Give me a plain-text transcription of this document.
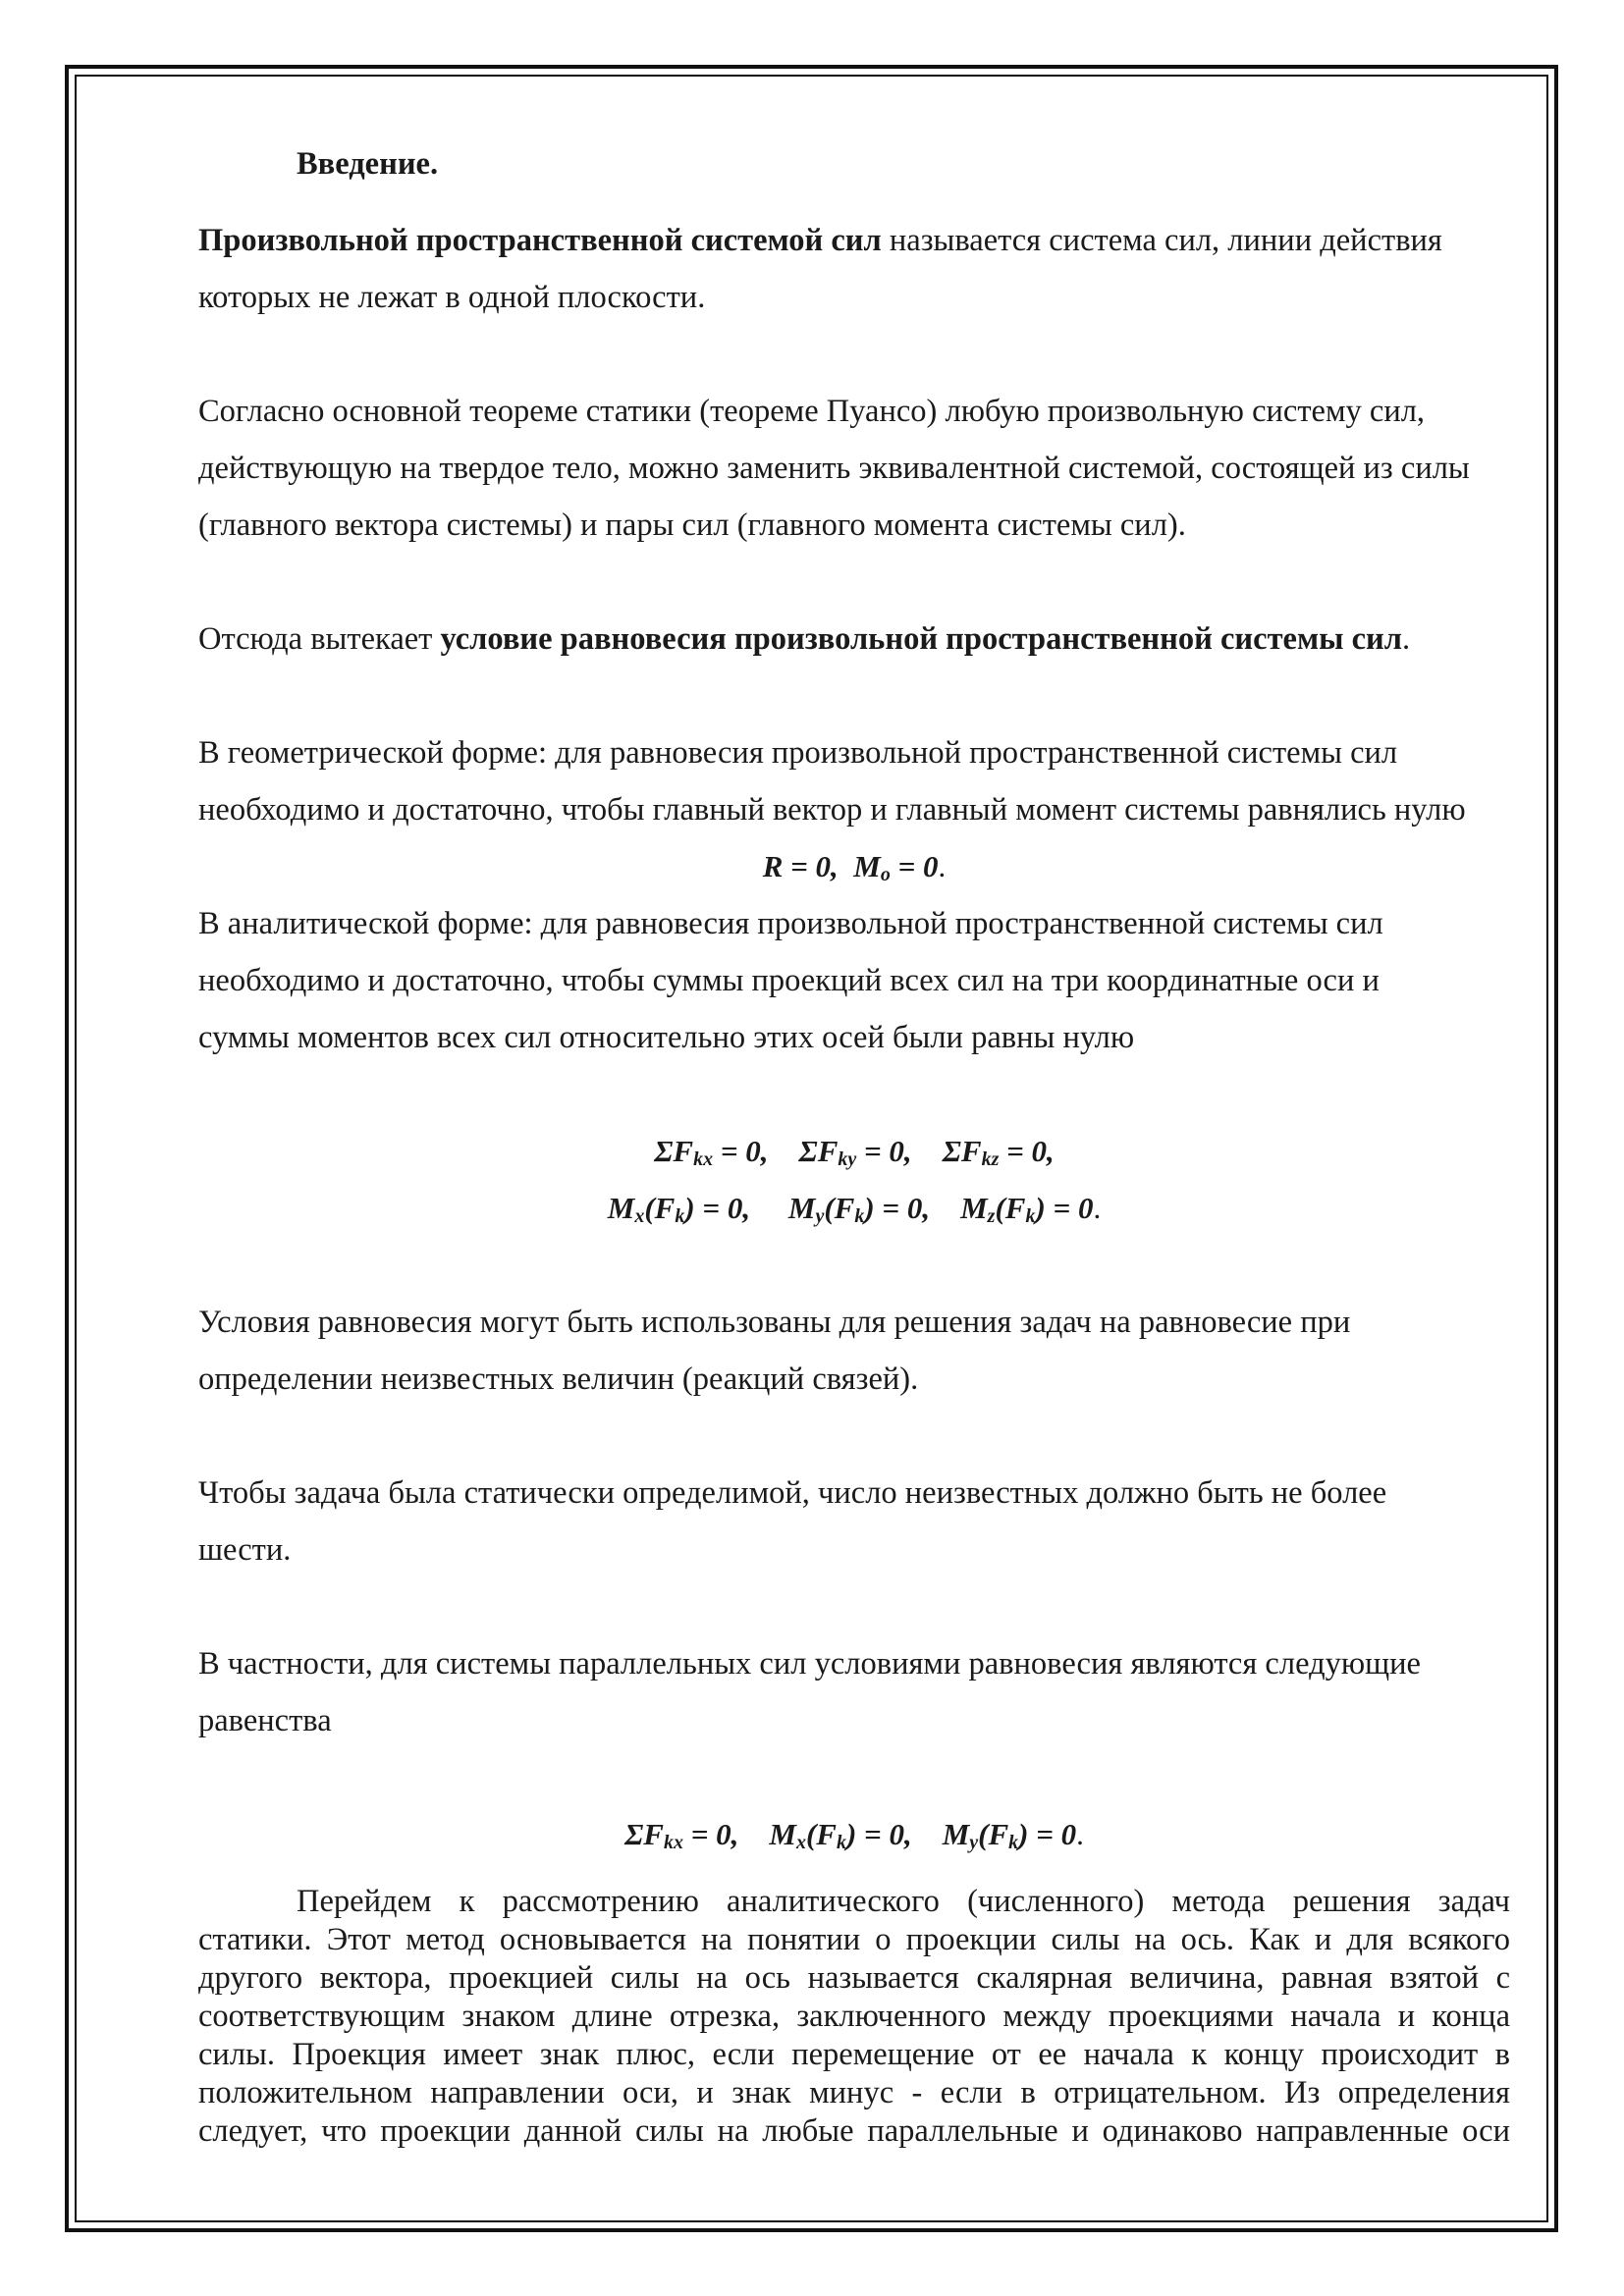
Введение.
Произвольной пространственной системой сил называется система сил, линии действия
которых не лежат в одной плоскости.
Согласно основной теореме статики (теореме Пуансо) любую произвольную систему сил,
действующую на твердое тело, можно заменить эквивалентной системой, состоящей из силы
(главного вектора системы) и пары сил (главного момента системы сил).
Отсюда вытекает условие равновесия произвольной пространственной системы сил.
В геометрической форме: для равновесия произвольной пространственной системы сил
необходимо и достаточно, чтобы главный вектор и главный момент системы равнялись нулю
R = 0, $M_o = 0$.
В аналитической форме: для равновесия произвольной пространственной системы сил
необходимо и достаточно, чтобы суммы проекций всех сил на три координатные оси и
суммы моментов всех сил относительно этих осей были равны нулю
$\Sigma F_{kx} = 0$, $\Sigma F_{ky} = 0$, $\Sigma F_{kz} = 0$,
$M_x(F_k) = 0$, $M_y(F_k) = 0$, $M_z(F_k) = 0$.
Условия равновесия могут быть использованы для решения задач на равновесие при
определении неизвестных величин (реакций связей).
Чтобы задача была статически определимой, число неизвестных должно быть не более
шести.
В частности, для системы параллельных сил условиями равновесия являются следующие
равенства
$\Sigma F_{kx} = 0$, $M_x(F_k) = 0$, $M_y(F_k) = 0$.
Перейдем к рассмотрению аналитического (численного) метода решения задач
статики. Этот метод основывается на понятии о проекции силы на ось. Как и для всякого
другого вектора, проекцией силы на ось называется скалярная величина, равная взятой с
соответствующим знаком длине отрезка, заключенного между проекциями начала и конца
силы. Проекция имеет знак плюс, если перемещение от ее начала к концу происходит в
положительном направлении оси, и знак минус - если в отрицательном. Из определения
следует, что проекции данной силы на любые параллельные и одинаково направленные оси
